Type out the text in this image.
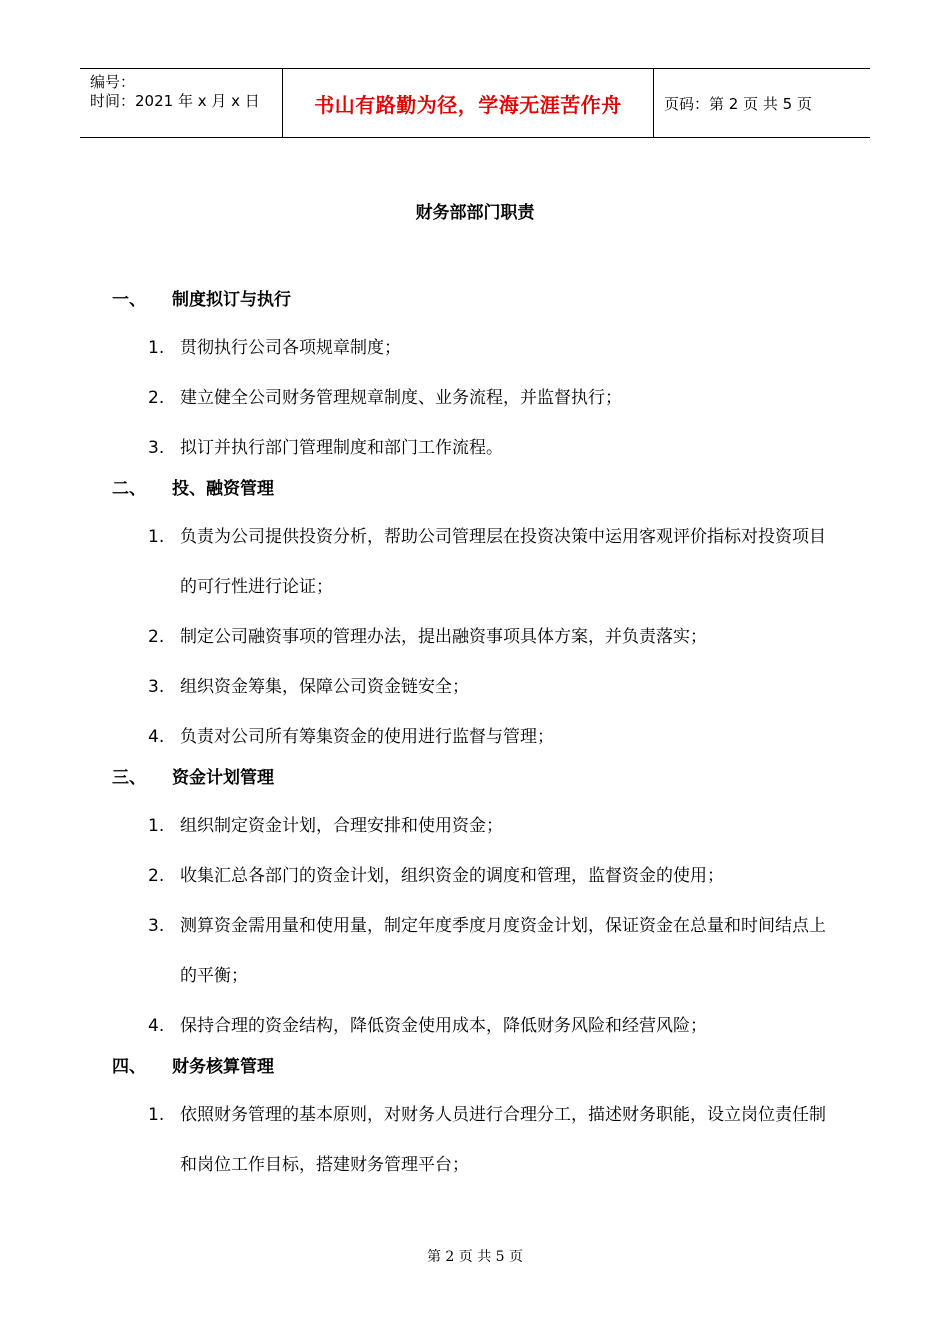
编号：
时间：2021 年 x 月 x 日	书山有路勤为径，学海无涯苦作舟	页码：第 2 页 共 5 页
财务部部门职责
一、	制度拟订与执行
1. 贯彻执行公司各项规章制度；
2. 建立健全公司财务管理规章制度、业务流程，并监督执行；
3. 拟订并执行部门管理制度和部门工作流程。
二、	投、融资管理
1. 负责为公司提供投资分析，帮助公司管理层在投资决策中运用客观评价指标对投资项目的可行性进行论证；
2. 制定公司融资事项的管理办法，提出融资事项具体方案，并负责落实；
3. 组织资金筹集，保障公司资金链安全；
4. 负责对公司所有筹集资金的使用进行监督与管理；
三、	资金计划管理
1. 组织制定资金计划，合理安排和使用资金；
2. 收集汇总各部门的资金计划，组织资金的调度和管理，监督资金的使用；
3. 测算资金需用量和使用量，制定年度季度月度资金计划，保证资金在总量和时间结点上的平衡；
4. 保持合理的资金结构，降低资金使用成本，降低财务风险和经营风险；
四、	财务核算管理
1. 依照财务管理的基本原则，对财务人员进行合理分工，描述财务职能，设立岗位责任制和岗位工作目标，搭建财务管理平台；
第 2 页 共 5 页
